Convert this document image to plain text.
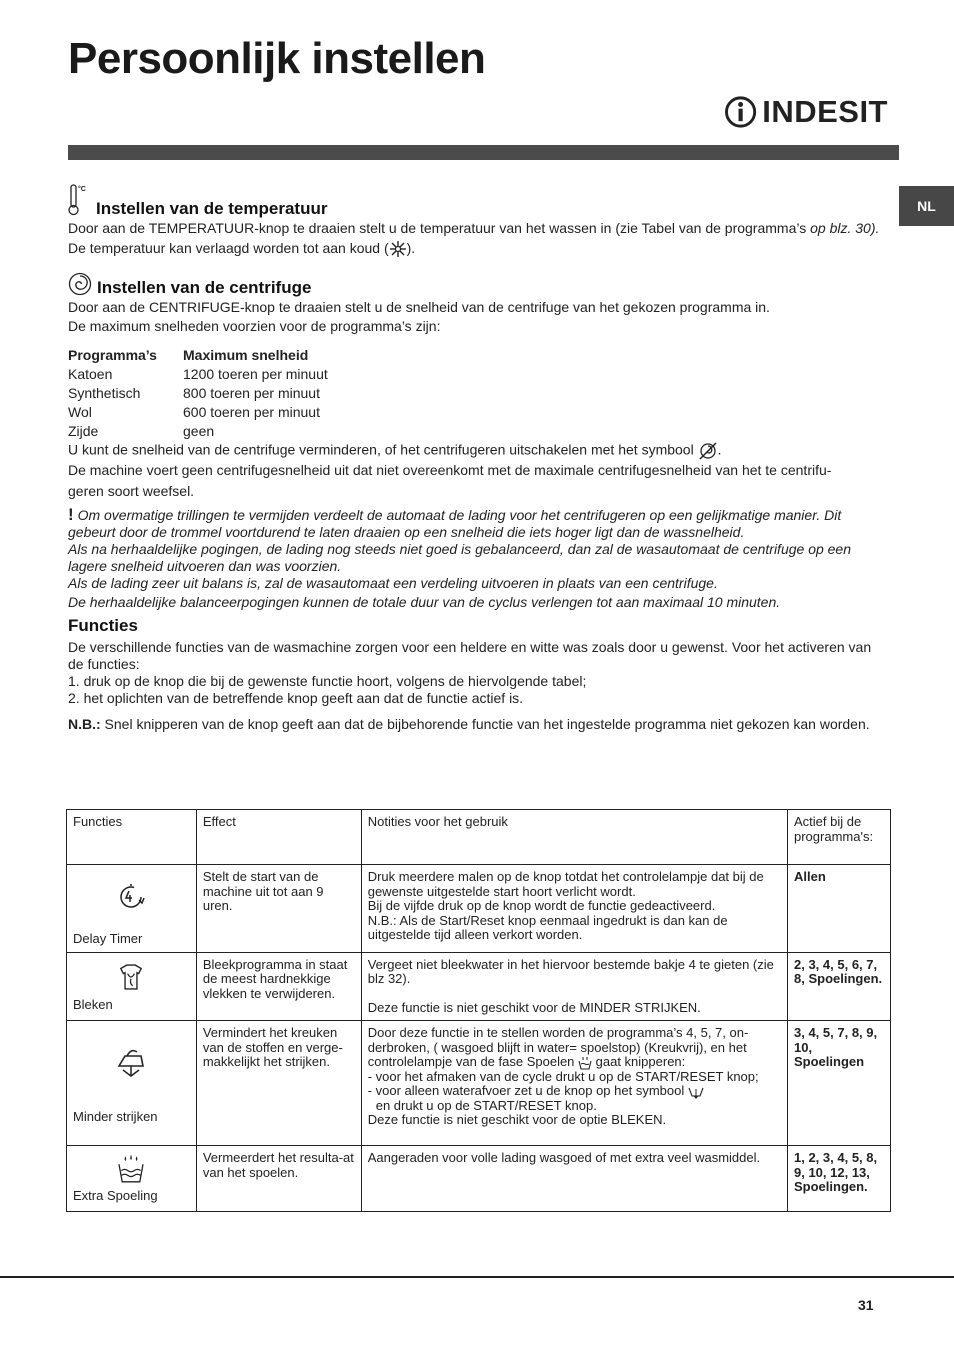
Persoonlijk instellen
INDESIT
NL
°C
Instellen van de temperatuur

Door aan de TEMPERATUUR-knop te draaien stelt u de temperatuur van het wassen in (zie Tabel van de programma’s op blz. 30).

De temperatuur kan verlaagd worden tot aan koud ( ).

Instellen van de centrifuge

Door aan de CENTRIFUGE-knop te draaien stelt u de snelheid van de centrifuge van het gekozen programma in.

De maximum snelheden voorzien voor de programma’s zijn:

Programma’s	Maximum snelheid
Katoen	1200 toeren per minuut
Synthetisch	800 toeren per minuut
Wol	600 toeren per minuut
Zijde	geen

U kunt de snelheid van de centrifuge verminderen, of het centrifugeren uitschakelen met het symbool .

De machine voert geen centrifugesnelheid uit dat niet overeenkomt met de maximale centrifugesnelheid van het te centrifu-

geren soort weefsel.

! Om overmatige trillingen te vermijden verdeelt de automaat de lading voor het centrifugeren op een gelijkmatige manier. Dit gebeurt door de trommel voortdurend te laten draaien op een snelheid die iets hoger ligt dan de wassnelheid.

Als na herhaaldelijke pogingen, de lading nog steeds niet goed is gebalanceerd, dan zal de wasautomaat de centrifuge op een lagere snelheid uitvoeren dan was voorzien.

Als de lading zeer uit balans is, zal de wasautomaat een verdeling uitvoeren in plaats van een centrifuge.

De herhaaldelijke balanceerpogingen kunnen de totale duur van de cyclus verlengen tot aan maximaal 10 minuten.

Functies

De verschillende functies van de wasmachine zorgen voor een heldere en witte was zoals door u gewenst. Voor het activeren van de functies:

1. druk op de knop die bij de gewenste functie hoort, volgens de hiervolgende tabel;

2. het oplichten van de betreffende knop geeft aan dat de functie actief is.

N.B.: Snel knipperen van de knop geeft aan dat de bijbehorende functie van het ingestelde programma niet gekozen kan worden.

Functies	Effect	Notities voor het gebruik	Actief bij de programma's:

Delay Timer	Stelt de start van de machine uit tot aan 9 uren.	Druk meerdere malen op de knop totdat het controlelampje dat bij de gewenste uitgestelde start hoort verlicht wordt.
Bij de vijfde druk op de knop wordt de functie gedeactiveerd.
N.B.: Als de Start/Reset knop eenmaal ingedrukt is dan kan de uitgestelde tijd alleen verkort worden.	Allen

Bleken	Bleekprogramma in staat de meest hardnekkige vlekken te verwijderen.	Vergeet niet bleekwater in het hiervoor bestemde bakje 4 te gieten (zie blz 32).
Deze functie is niet geschikt voor de MINDER STRIJKEN.	2, 3, 4, 5, 6, 7, 8, Spoelingen.

Minder strijken	Vermindert het kreuken van de stoffen en verge-makkelijkt het strijken.	Door deze functie in te stellen worden de programma’s 4, 5, 7, on-derbroken, ( wasgoed blijft in water= spoelstop) (Kreukvrij), en het controlelampje van de fase Spoelen  gaat knipperen:
- voor het afmaken van de cycle drukt u op de START/RESET knop;
- voor alleen waterafvoer zet u de knop op het symbool
en drukt u op de START/RESET knop.
Deze functie is niet geschikt voor de optie BLEKEN.	3, 4, 5, 7, 8, 9, 10, Spoelingen

Extra Spoeling	Vermeerdert het resulta-at van het spoelen.	Aangeraden voor volle lading wasgoed of met extra veel wasmiddel.	1, 2, 3, 4, 5, 8, 9, 10, 12, 13, Spoelingen.
31
